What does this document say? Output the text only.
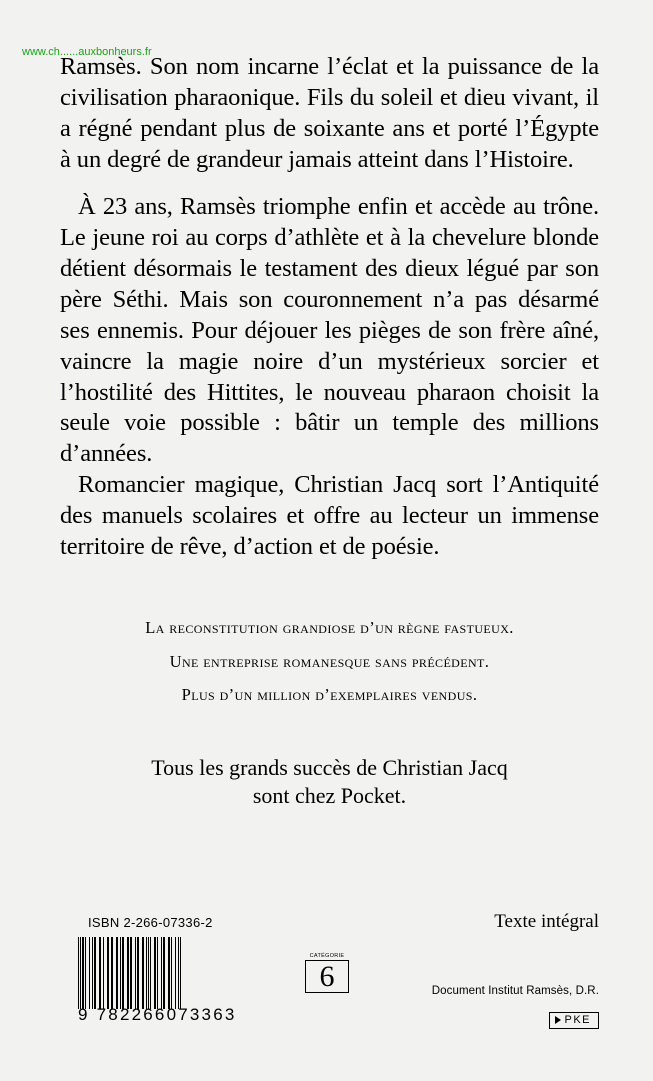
www.ch......auxbonheurs.fr

Ramsès. Son nom incarne l’éclat et la puissance de la civilisation pharaonique. Fils du soleil et dieu vivant, il a régné pendant plus de soixante ans et porté l’Égypte à un degré de grandeur jamais atteint dans l’Histoire.

À 23 ans, Ramsès triomphe enfin et accède au trône. Le jeune roi au corps d’athlète et à la chevelure blonde détient désormais le testament des dieux légué par son père Séthi. Mais son couronnement n’a pas désarmé ses ennemis. Pour déjouer les pièges de son frère aîné, vaincre la magie noire d’un mystérieux sorcier et l’hostilité des Hittites, le nouveau pharaon choisit la seule voie possible : bâtir un temple des millions d’années.

Romancier magique, Christian Jacq sort l’Antiquité des manuels scolaires et offre au lecteur un immense territoire de rêve, d’action et de poésie.

La reconstitution grandiose d’un règne fastueux.
Une entreprise romanesque sans précédent.
Plus d’un million d’exemplaires vendus.
Tous les grands succès de Christian Jacq
sont chez Pocket.
ISBN 2-266-07336-2	Texte intégral
Document Institut Ramsès, D.R.
9 782266073363
CATÉGORIE
6
PKE
